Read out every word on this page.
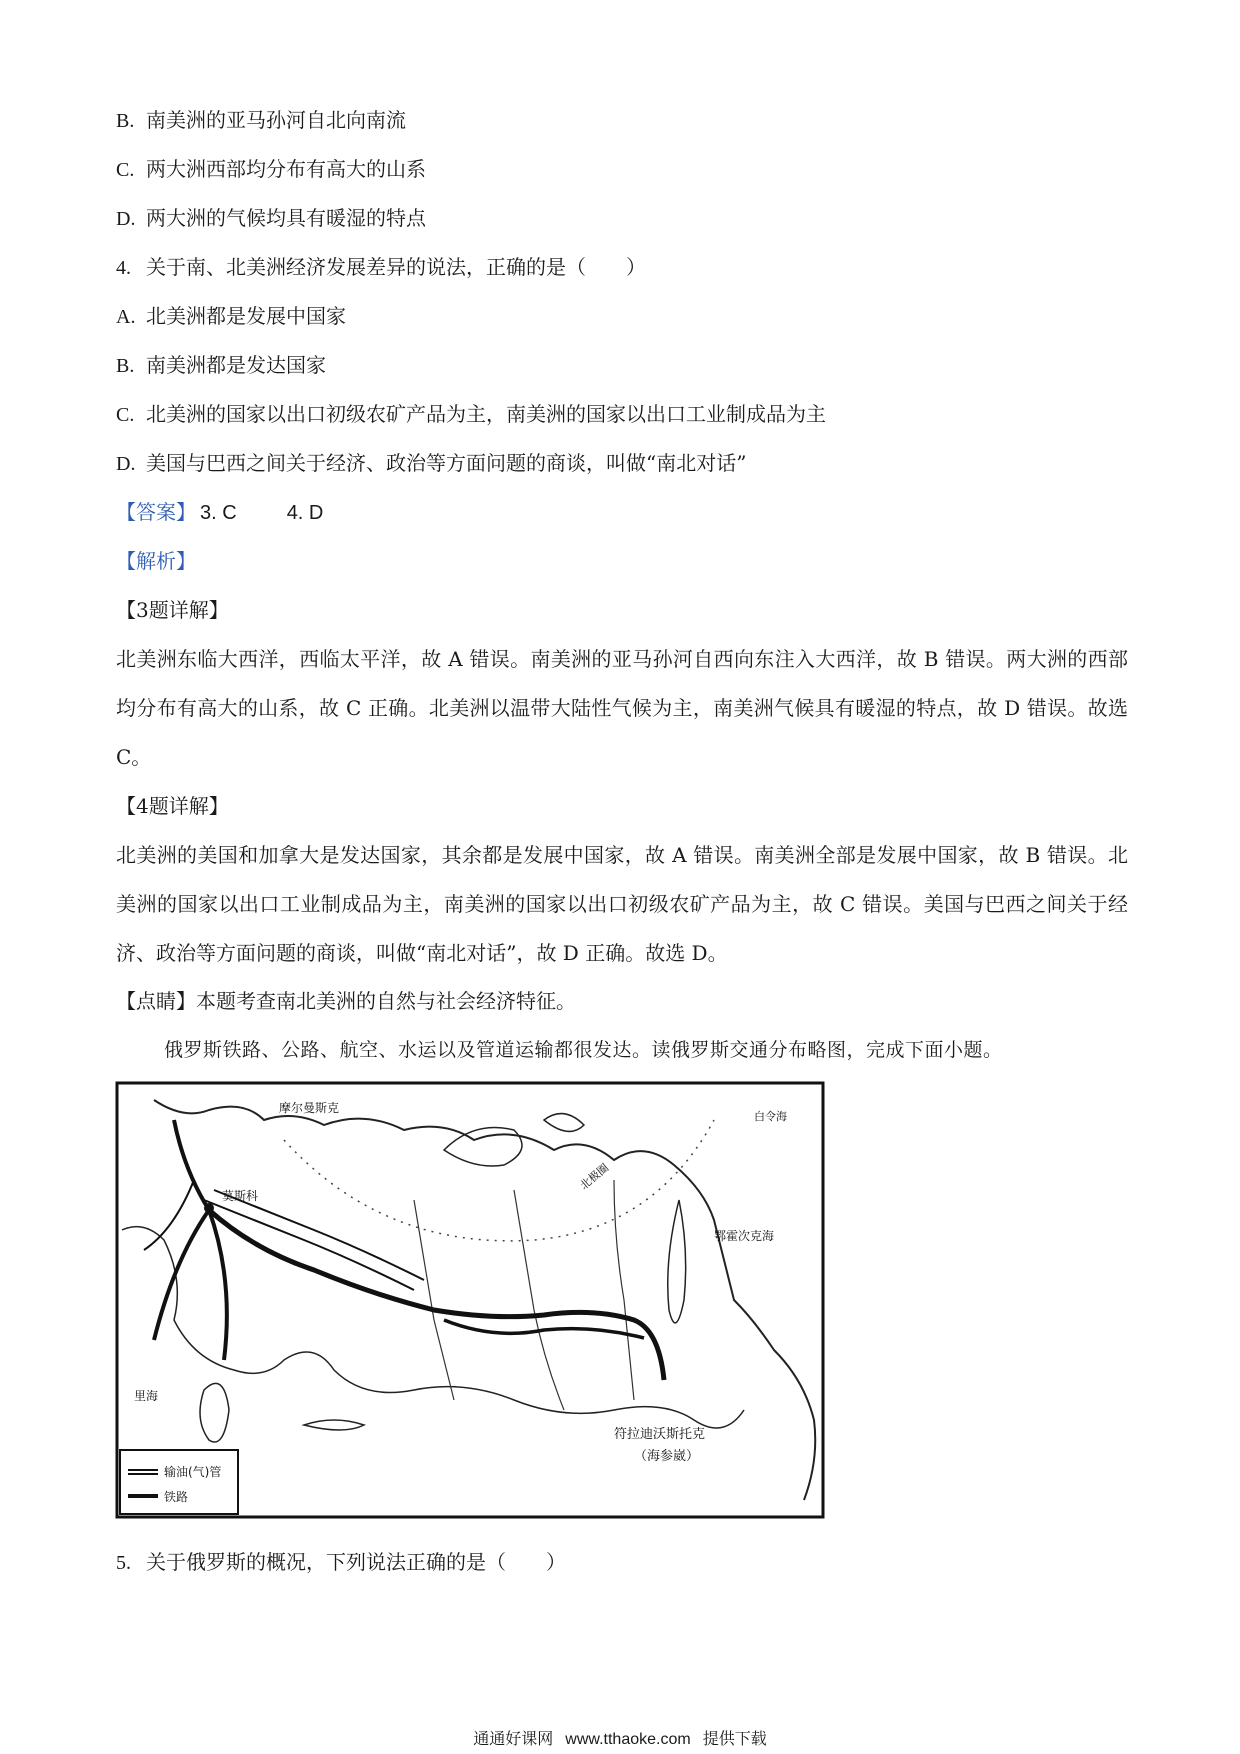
B. 南美洲的亚马孙河自北向南流
C. 两大洲西部均分布有高大的山系
D. 两大洲的气候均具有暖湿的特点
4. 关于南、北美洲经济发展差异的说法，正确的是（　　）
A. 北美洲都是发展中国家
B. 南美洲都是发达国家
C. 北美洲的国家以出口初级农矿产品为主，南美洲的国家以出口工业制成品为主
D. 美国与巴西之间关于经济、政治等方面问题的商谈，叫做“南北对话”
【答案】 3. C	4. D
【解析】
【3题详解】
北美洲东临大西洋，西临太平洋，故 A 错误。南美洲的亚马孙河自西向东注入大西洋，故 B 错误。两大洲的西部均分布有高大的山系，故 C 正确。北美洲以温带大陆性气候为主，南美洲气候具有暖湿的特点，故 D 错误。故选 C。
【4题详解】
北美洲的美国和加拿大是发达国家，其余都是发展中国家，故 A 错误。南美洲全部是发展中国家，故 B 错误。北美洲的国家以出口工业制成品为主，南美洲的国家以出口初级农矿产品为主，故 C 错误。美国与巴西之间关于经济、政治等方面问题的商谈，叫做“南北对话”，故 D 正确。故选 D。
【点睛】本题考查南北美洲的自然与社会经济特征。
俄罗斯铁路、公路、航空、水运以及管道运输都很发达。读俄罗斯交通分布略图，完成下面小题。
摩尔曼斯克
莫斯科
北极圈
鄂霍次克海
符拉迪沃斯托克
（海参崴）
里海
白令海
输油(气)管
铁路
5. 关于俄罗斯的概况，下列说法正确的是（　　）
通通好课网 www.tthaoke.com 提供下载
